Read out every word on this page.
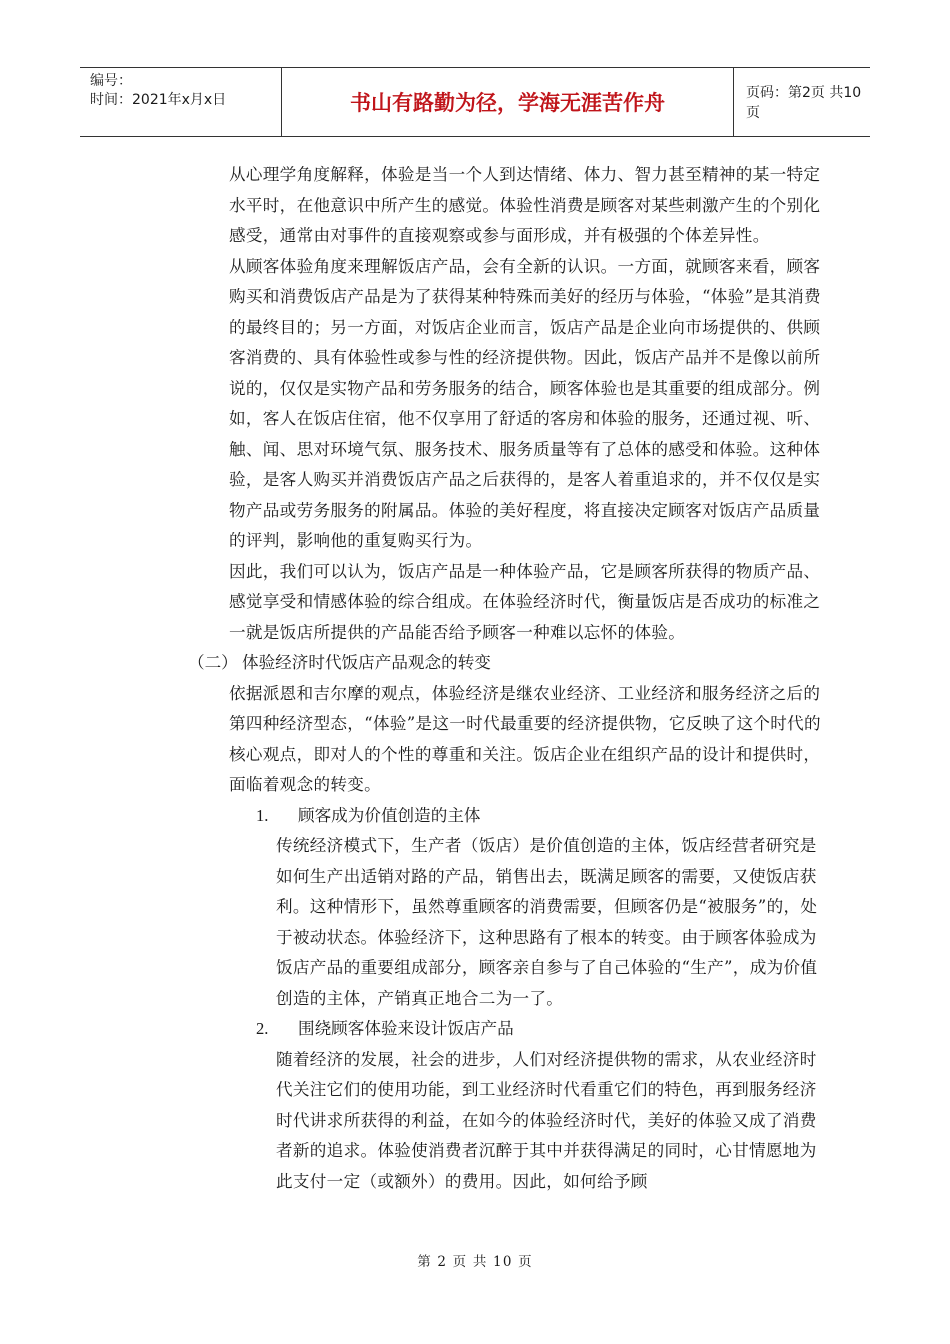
编号：
时间：2021年x月x日	书山有路勤为径，学海无涯苦作舟	页码：第2页 共10页
从心理学角度解释，体验是当一个人到达情绪、体力、智力甚至精神的某一特定水平时，在他意识中所产生的感觉。体验性消费是顾客对某些刺激产生的个别化感受，通常由对事件的直接观察或参与面形成，并有极强的个体差异性。
从顾客体验角度来理解饭店产品，会有全新的认识。一方面，就顾客来看，顾客购买和消费饭店产品是为了获得某种特殊而美好的经历与体验，“体验”是其消费的最终目的；另一方面，对饭店企业而言，饭店产品是企业向市场提供的、供顾客消费的、具有体验性或参与性的经济提供物。因此，饭店产品并不是像以前所说的，仅仅是实物产品和劳务服务的结合，顾客体验也是其重要的组成部分。例如，客人在饭店住宿，他不仅享用了舒适的客房和体验的服务，还通过视、听、触、闻、思对环境气氛、服务技术、服务质量等有了总体的感受和体验。这种体验，是客人购买并消费饭店产品之后获得的，是客人着重追求的，并不仅仅是实物产品或劳务服务的附属品。体验的美好程度，将直接决定顾客对饭店产品质量的评判，影响他的重复购买行为。
因此，我们可以认为，饭店产品是一种体验产品，它是顾客所获得的物质产品、感觉享受和情感体验的综合组成。在体验经济时代，衡量饭店是否成功的标准之一就是饭店所提供的产品能否给予顾客一种难以忘怀的体验。
（二） 体验经济时代饭店产品观念的转变
依据派恩和吉尔摩的观点，体验经济是继农业经济、工业经济和服务经济之后的第四种经济型态，“体验”是这一时代最重要的经济提供物，它反映了这个时代的核心观点，即对人的个性的尊重和关注。饭店企业在组织产品的设计和提供时，面临着观念的转变。
1. 顾客成为价值创造的主体
传统经济模式下，生产者（饭店）是价值创造的主体，饭店经营者研究是如何生产出适销对路的产品，销售出去，既满足顾客的需要，又使饭店获利。这种情形下，虽然尊重顾客的消费需要，但顾客仍是“被服务”的，处于被动状态。体验经济下，这种思路有了根本的转变。由于顾客体验成为饭店产品的重要组成部分，顾客亲自参与了自己体验的“生产”，成为价值创造的主体，产销真正地合二为一了。
2. 围绕顾客体验来设计饭店产品
随着经济的发展，社会的进步，人们对经济提供物的需求，从农业经济时代关注它们的使用功能，到工业经济时代看重它们的特色，再到服务经济时代讲求所获得的利益，在如今的体验经济时代，美好的体验又成了消费者新的追求。体验使消费者沉醉于其中并获得满足的同时，心甘情愿地为此支付一定（或额外）的费用。因此，如何给予顾
第 2 页 共 10 页
